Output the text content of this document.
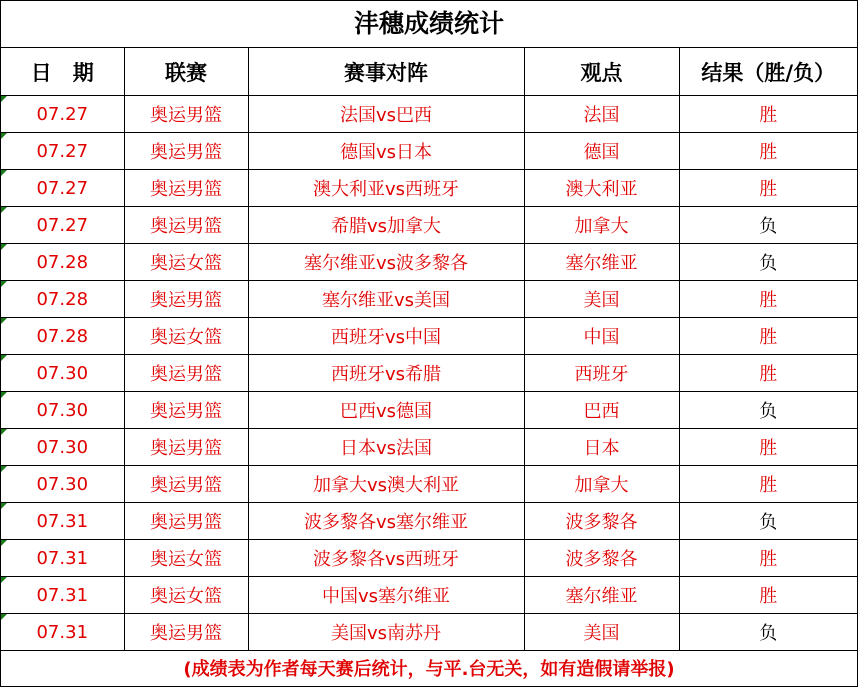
沣穗成绩统计
日　期	联赛	赛事对阵	观点	结果（胜/负）
07.27	奥运男篮	法国vs巴西	法国	胜
07.27	奥运男篮	德国vs日本	德国	胜
07.27	奥运男篮	澳大利亚vs西班牙	澳大利亚	胜
07.27	奥运男篮	希腊vs加拿大	加拿大	负
07.28	奥运女篮	塞尔维亚vs波多黎各	塞尔维亚	负
07.28	奥运男篮	塞尔维亚vs美国	美国	胜
07.28	奥运女篮	西班牙vs中国	中国	胜
07.30	奥运男篮	西班牙vs希腊	西班牙	胜
07.30	奥运男篮	巴西vs德国	巴西	负
07.30	奥运男篮	日本vs法国	日本	胜
07.30	奥运男篮	加拿大vs澳大利亚	加拿大	胜
07.31	奥运男篮	波多黎各vs塞尔维亚	波多黎各	负
07.31	奥运女篮	波多黎各vs西班牙	波多黎各	胜
07.31	奥运女篮	中国vs塞尔维亚	塞尔维亚	胜
07.31	奥运男篮	美国vs南苏丹	美国	负
(成绩表为作者每天赛后统计，与平.台无关，如有造假请举报)
